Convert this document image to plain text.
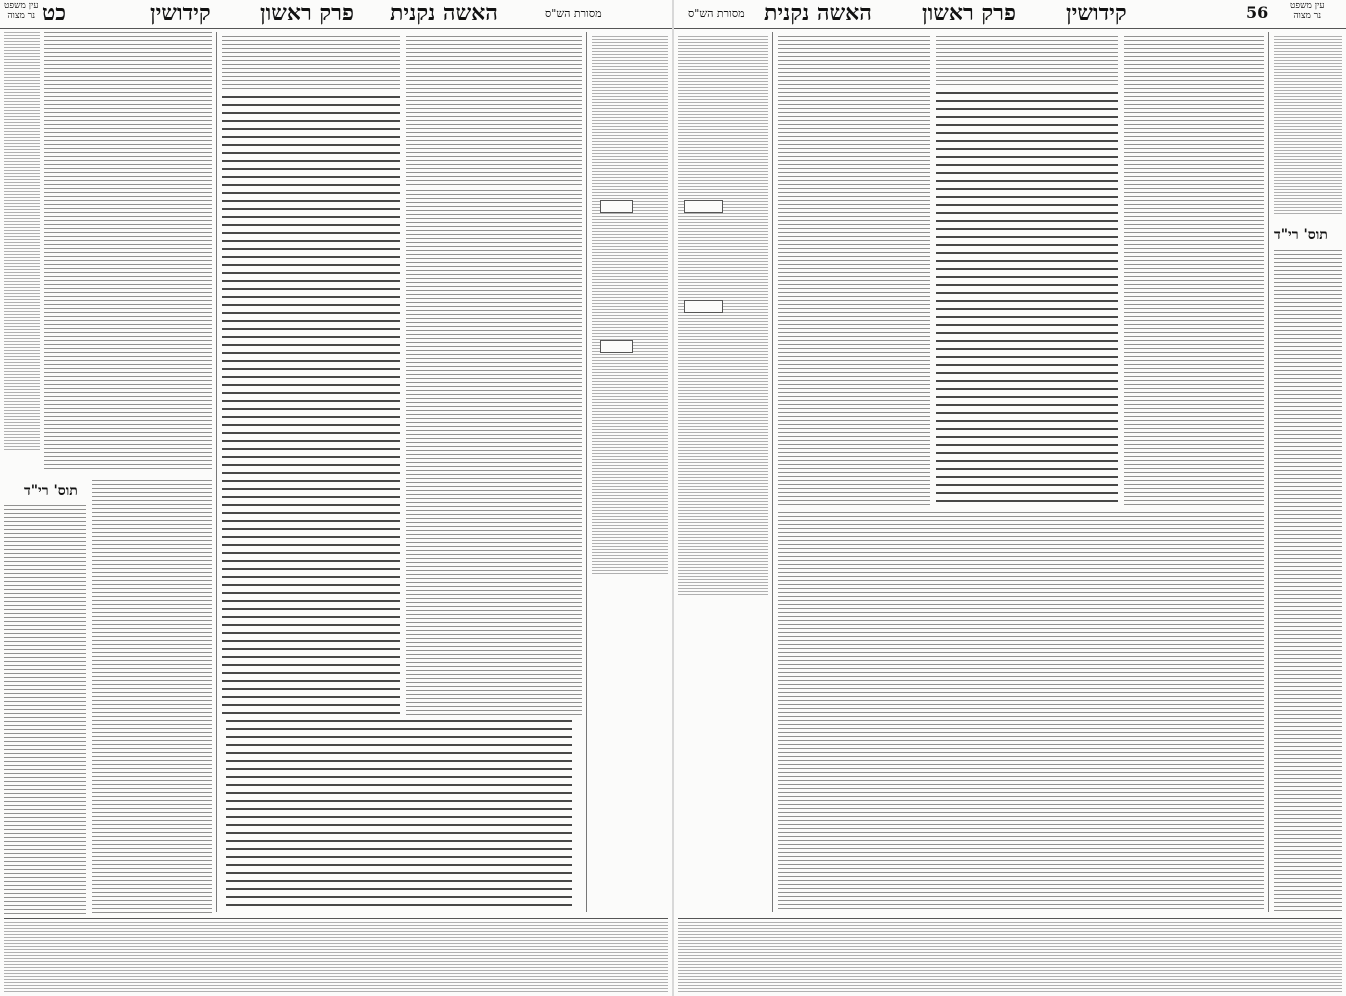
עין משפט
נר מצוה כט	קידושין פרק ראשון האשה נקנית	מסורת הש"ס
תוס' רי"ד

מסורת הש"ס האשה נקנית פרק ראשון קידושין	56	עין משפט
נר מצוה

תוס' רי"ד
